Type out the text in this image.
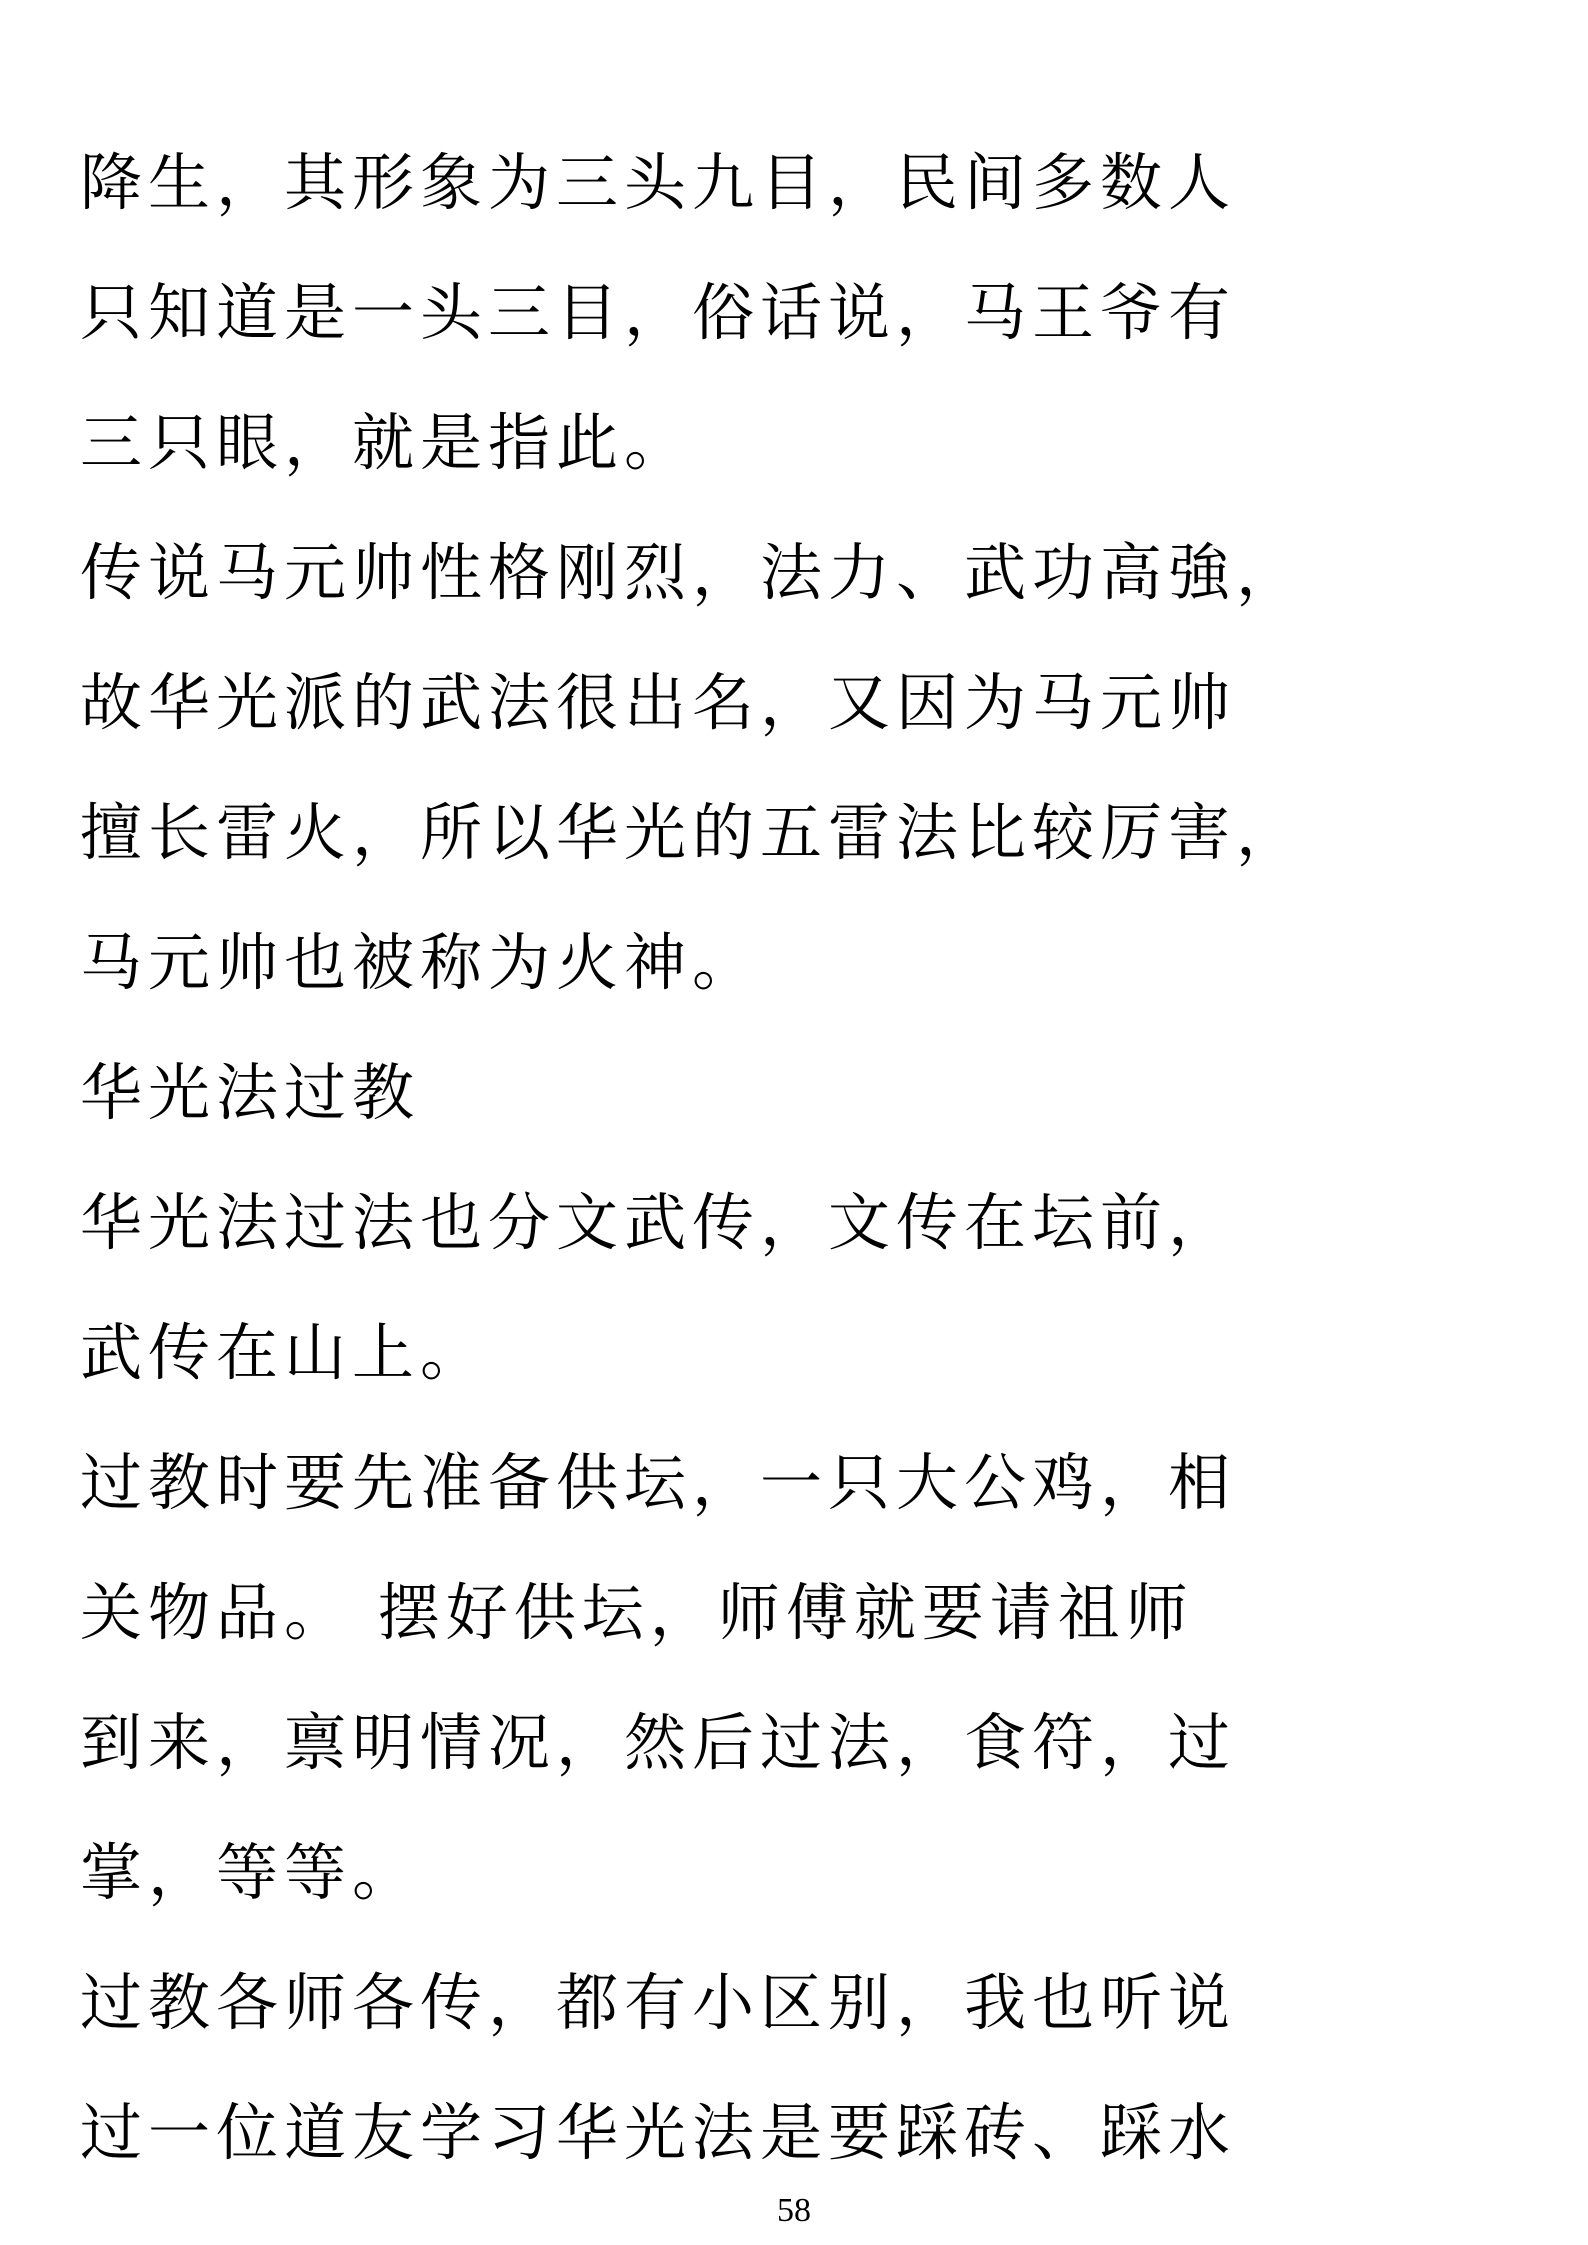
降生，其形象为三头九目，民间多数人
只知道是一头三目，俗话说，马王爷有
三只眼，就是指此。
传说马元帅性格刚烈，法力、武功高強，
故华光派的武法很出名，又因为马元帅
擅长雷火，所以华光的五雷法比较厉害，
马元帅也被称为火神。
华光法过教
华光法过法也分文武传，文传在坛前，
武传在山上。
过教时要先准备供坛，一只大公鸡，相
关物品。 摆好供坛，师傅就要请祖师
到来，禀明情况，然后过法，食符，过
掌，等等。
过教各师各传，都有小区别，我也听说
过一位道友学习华光法是要踩砖、踩水
58
